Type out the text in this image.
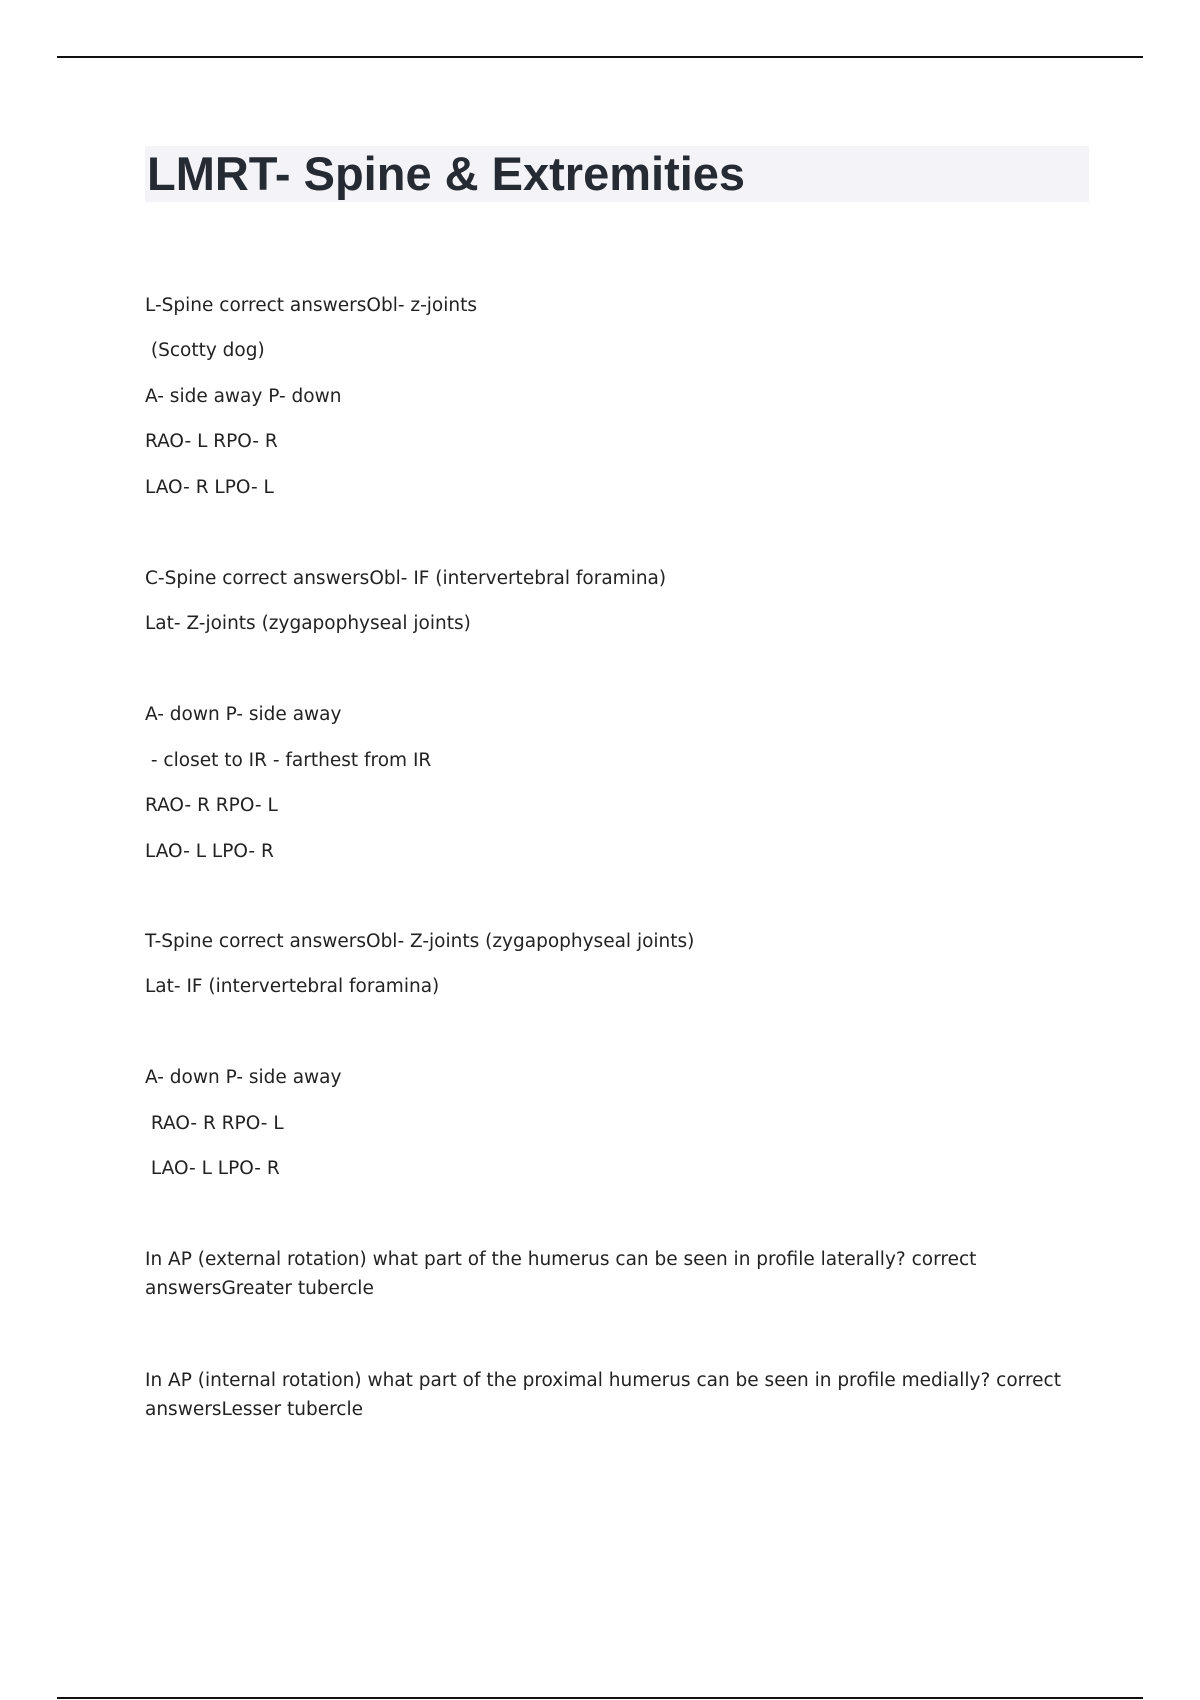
LMRT- Spine & Extremities

L-Spine correct answersObl- z-joints

(Scotty dog)

A- side away P- down

RAO- L RPO- R

LAO- R LPO- L

C-Spine correct answersObl- IF (intervertebral foramina)

Lat- Z-joints (zygapophyseal joints)

A- down P- side away

- closet to IR - farthest from IR

RAO- R RPO- L

LAO- L LPO- R

T-Spine correct answersObl- Z-joints (zygapophyseal joints)

Lat- IF (intervertebral foramina)

A- down P- side away

RAO- R RPO- L

LAO- L LPO- R

In AP (external rotation) what part of the humerus can be seen in profile laterally? correct answersGreater tubercle

In AP (internal rotation) what part of the proximal humerus can be seen in profile medially? correct answersLesser tubercle
